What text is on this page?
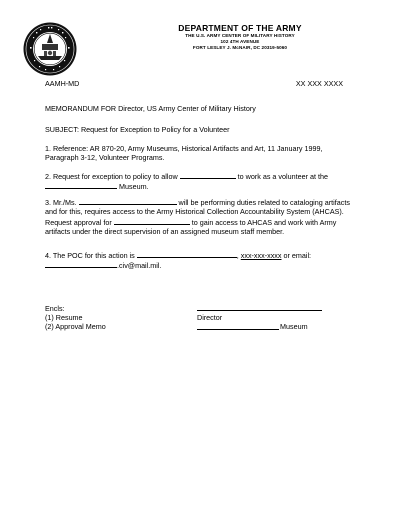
DEPARTMENT OF THE ARMY
THE U.S. ARMY CENTER OF MILITARY HISTORY
102 4TH AVENUE
FORT LESLEY J. McNAIR, DC 20319-5060
AAMH-MD	XX XXX XXXX
MEMORANDUM FOR Director, US Army Center of Military History
SUBJECT: Request for Exception to Policy for a Volunteer
1. Reference: AR 870-20, Army Museums, Historical Artifacts and Art, 11 January 1999, Paragraph 3-12, Volunteer Programs.
2. Request for exception to policy to allow	to work as a volunteer at the  Museum.
3. Mr./Ms.	will be performing duties related to cataloging artifacts and for this, requires access to the Army Historical Collection Accountability System (AHCAS). Request approval for	to gain access to AHCAS and work with Army artifacts under the direct supervision of an assigned museum staff member.
4. The POC for this action is	, xxx-xxx-xxxx or email: .civ@mail.mil.
Encls:
(1) Resume
(2) Approval Memo
Director
Museum
